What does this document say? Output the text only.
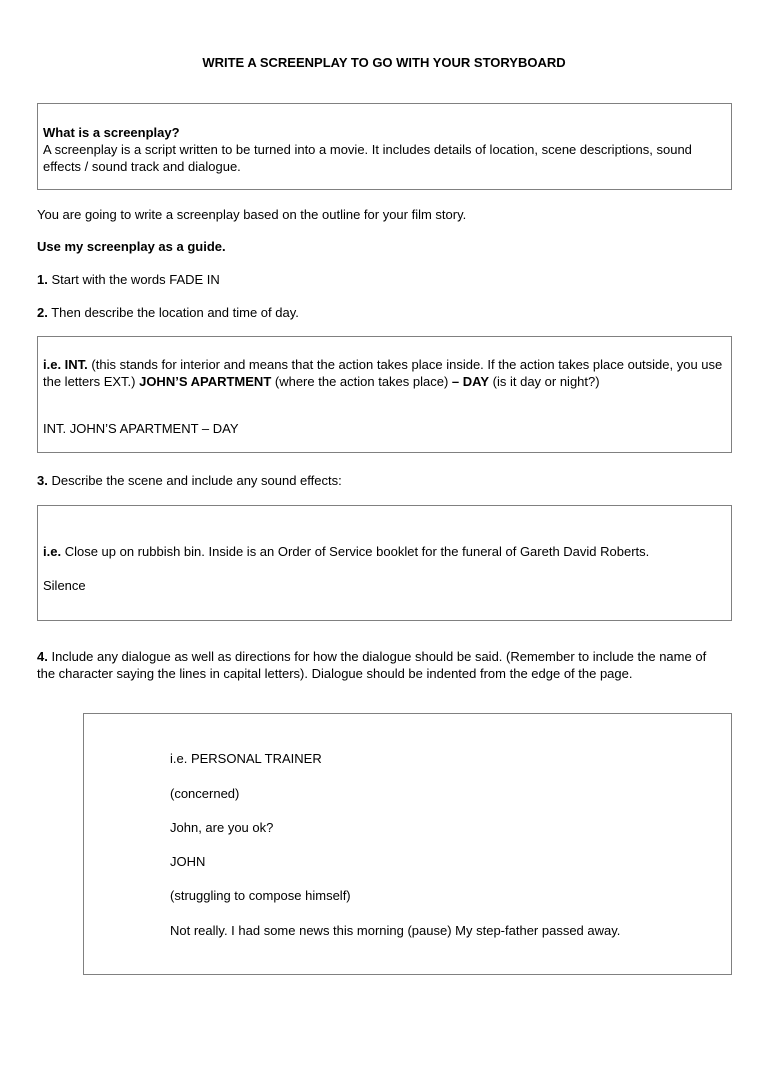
WRITE A SCREENPLAY TO GO WITH YOUR STORYBOARD
What is a screenplay?
A screenplay is a script written to be turned into a movie. It includes details of location, scene descriptions, sound effects / sound track and dialogue.
You are going to write a screenplay based on the outline for your film story.
Use my screenplay as a guide.
1. Start with the words FADE IN
2. Then describe the location and time of day.
i.e. INT. (this stands for interior and means that the action takes place inside. If the action takes place outside, you use the letters EXT.) JOHN’S APARTMENT (where the action takes place) – DAY (is it day or night?)
INT. JOHN’S APARTMENT – DAY
3. Describe the scene and include any sound effects:
i.e. Close up on rubbish bin. Inside is an Order of Service booklet for the funeral of Gareth David Roberts.
Silence
4. Include any dialogue as well as directions for how the dialogue should be said. (Remember to include the name of the character saying the lines in capital letters). Dialogue should be indented from the edge of the page.
i.e. PERSONAL TRAINER
(concerned)
John, are you ok?
JOHN
(struggling to compose himself)
Not really. I had some news this morning (pause) My step-father passed away.
